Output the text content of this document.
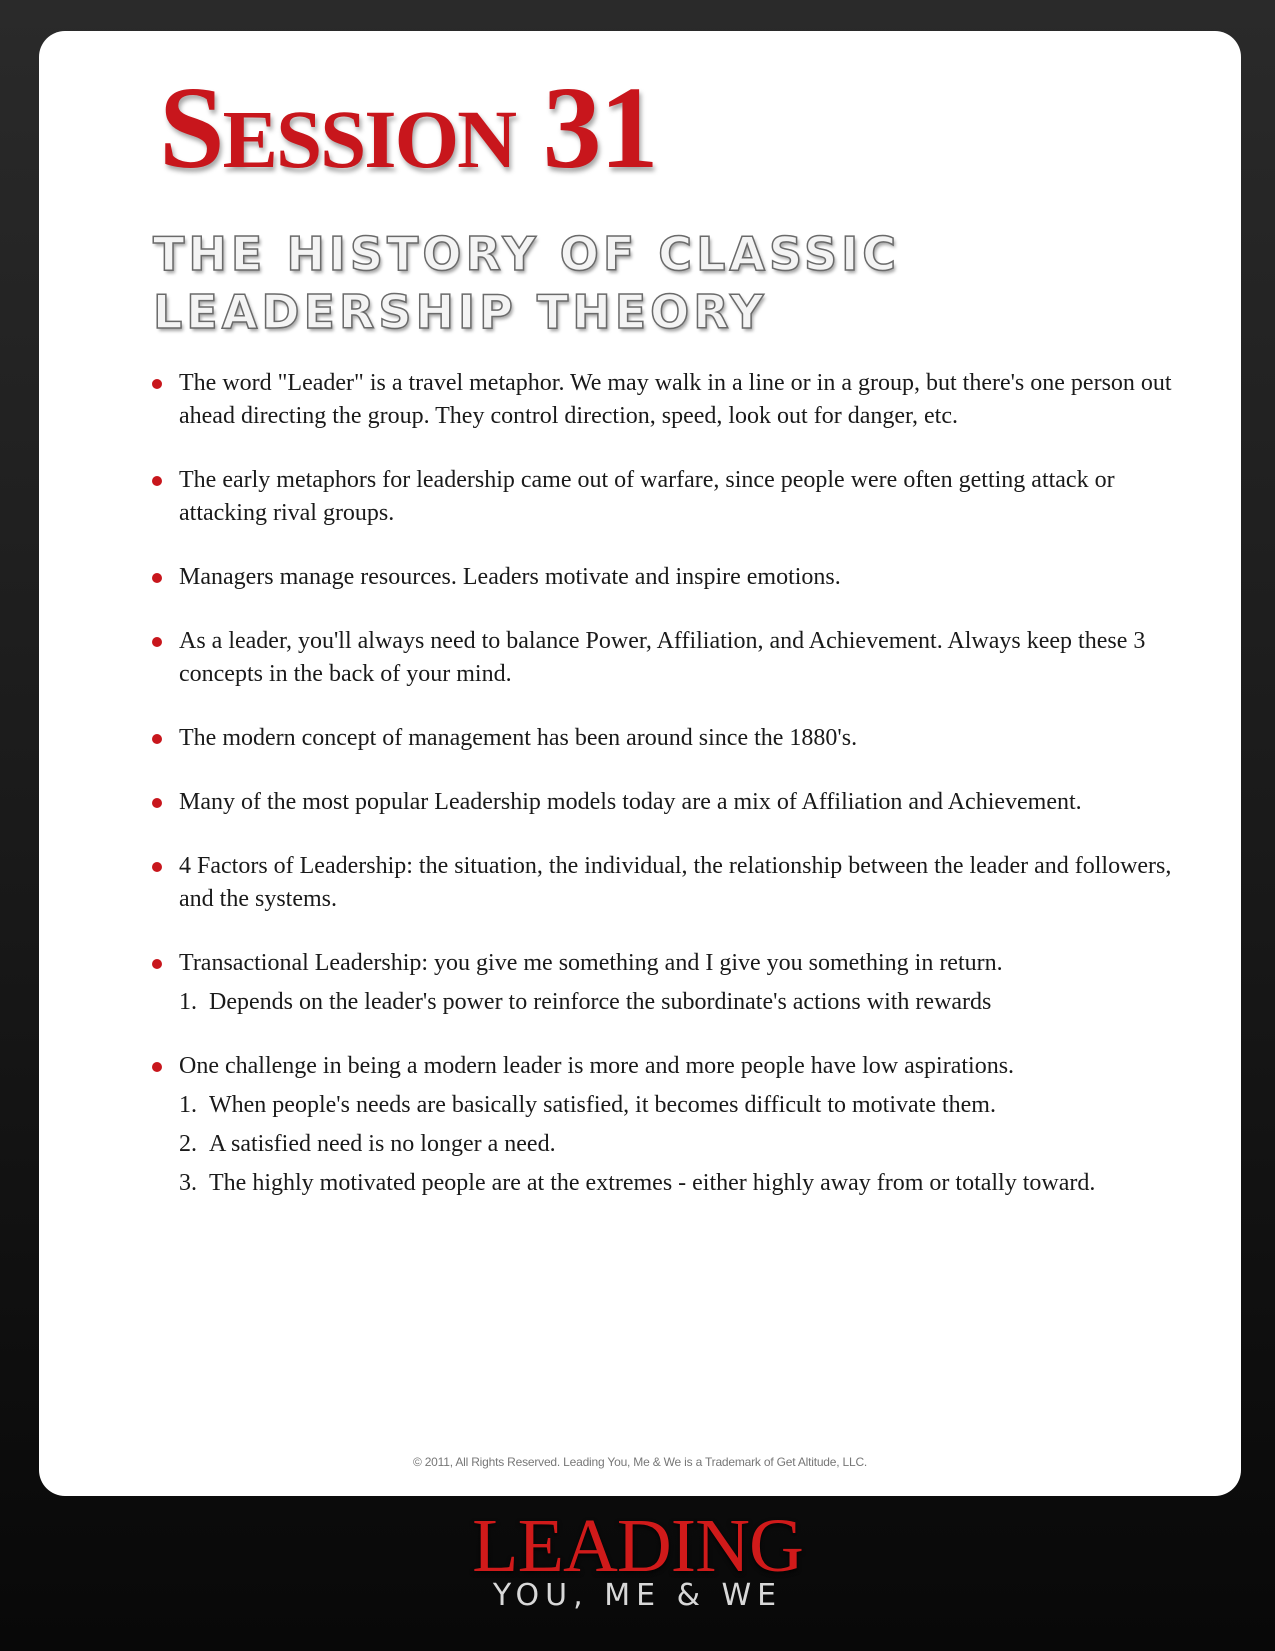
Session 31
THE HISTORY OF CLASSIC
LEADERSHIP THEORY
The word "Leader" is a travel metaphor. We may walk in a line or in a group, but there's one person out ahead directing the group. They control direction, speed, look out for danger, etc.
The early metaphors for leadership came out of warfare, since people were often getting attack or attacking rival groups.
Managers manage resources. Leaders motivate and inspire emotions.
As a leader, you'll always need to balance Power, Affiliation, and Achievement. Always keep these 3 concepts in the back of your mind.
The modern concept of management has been around since the 1880's.
Many of the most popular Leadership models today are a mix of Affiliation and Achievement.
4 Factors of Leadership: the situation, the individual, the relationship between the leader and followers, and the systems.
Transactional Leadership: you give me something and I give you something in return.
1. Depends on the leader's power to reinforce the subordinate's actions with rewards
One challenge in being a modern leader is more and more people have low aspirations.
1. When people's needs are basically satisfied, it becomes difficult to motivate them.
2. A satisfied need is no longer a need.
3. The highly motivated people are at the extremes - either highly away from or totally toward.
© 2011, All Rights Reserved. Leading You, Me & We is a Trademark of Get Altitude, LLC.
LEADING
YOU, ME & WE
